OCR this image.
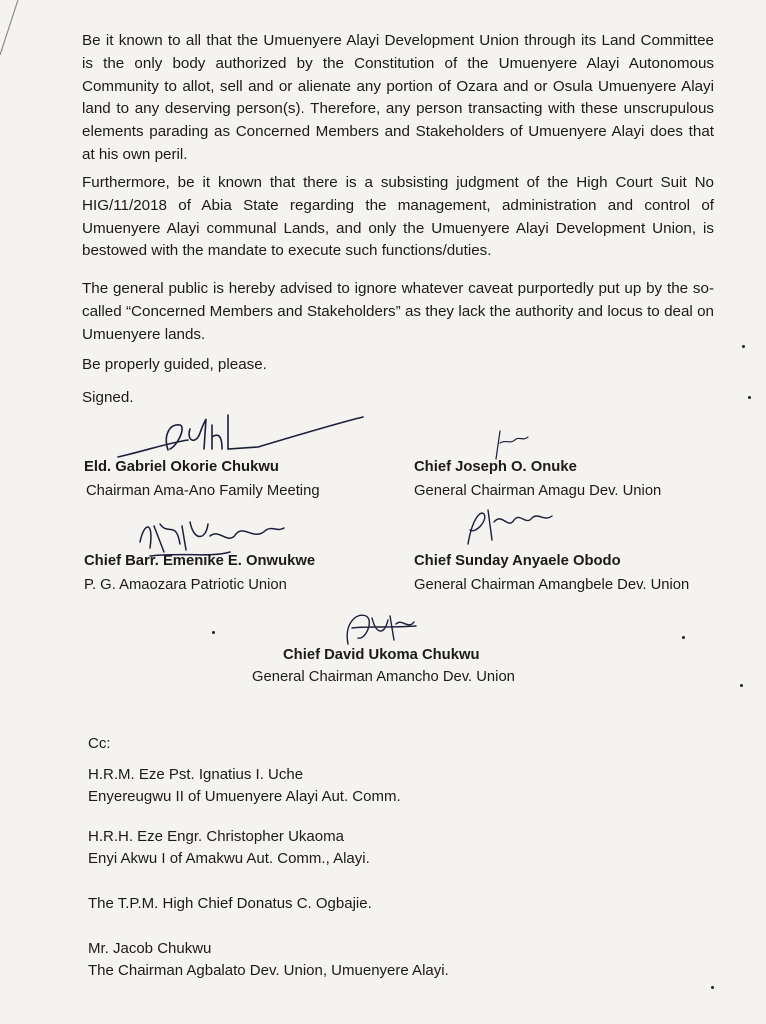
Be it known to all that the Umuenyere Alayi Development Union through its Land Committee is the only body authorized by the Constitution of the Umuenyere Alayi Autonomous Community to allot, sell and or alienate any portion of Ozara and or Osula Umuenyere Alayi land to any deserving person(s). Therefore, any person transacting with these unscrupulous elements parading as Concerned Members and Stakeholders of Umuenyere Alayi does that at his own peril.

Furthermore, be it known that there is a subsisting judgment of the High Court Suit No HIG/11/2018 of Abia State regarding the management, administration and control of Umuenyere Alayi communal Lands, and only the Umuenyere Alayi Development Union, is bestowed with the mandate to execute such functions/duties.

The general public is hereby advised to ignore whatever caveat purportedly put up by the so-called “Concerned Members and Stakeholders” as they lack the authority and locus to deal on Umuenyere lands.

Be properly guided, please.

Signed.

Eld. Gabriel Okorie Chukwu

Chairman Ama-Ano Family Meeting

Chief Joseph O. Onuke

General Chairman Amagu Dev. Union

Chief Barr. Emenike E. Onwukwe

P. G. Amaozara Patriotic Union

Chief Sunday Anyaele Obodo

General Chairman Amangbele Dev. Union

Chief David Ukoma Chukwu

General Chairman Amancho Dev. Union

Cc:

H.R.M. Eze Pst. Ignatius I. Uche

Enyereugwu II of Umuenyere Alayi Aut. Comm.

H.R.H. Eze Engr. Christopher Ukaoma

Enyi Akwu I of Amakwu Aut. Comm., Alayi.

The T.P.M. High Chief Donatus C. Ogbajie.

Mr. Jacob Chukwu

The Chairman Agbalato Dev. Union, Umuenyere Alayi.
